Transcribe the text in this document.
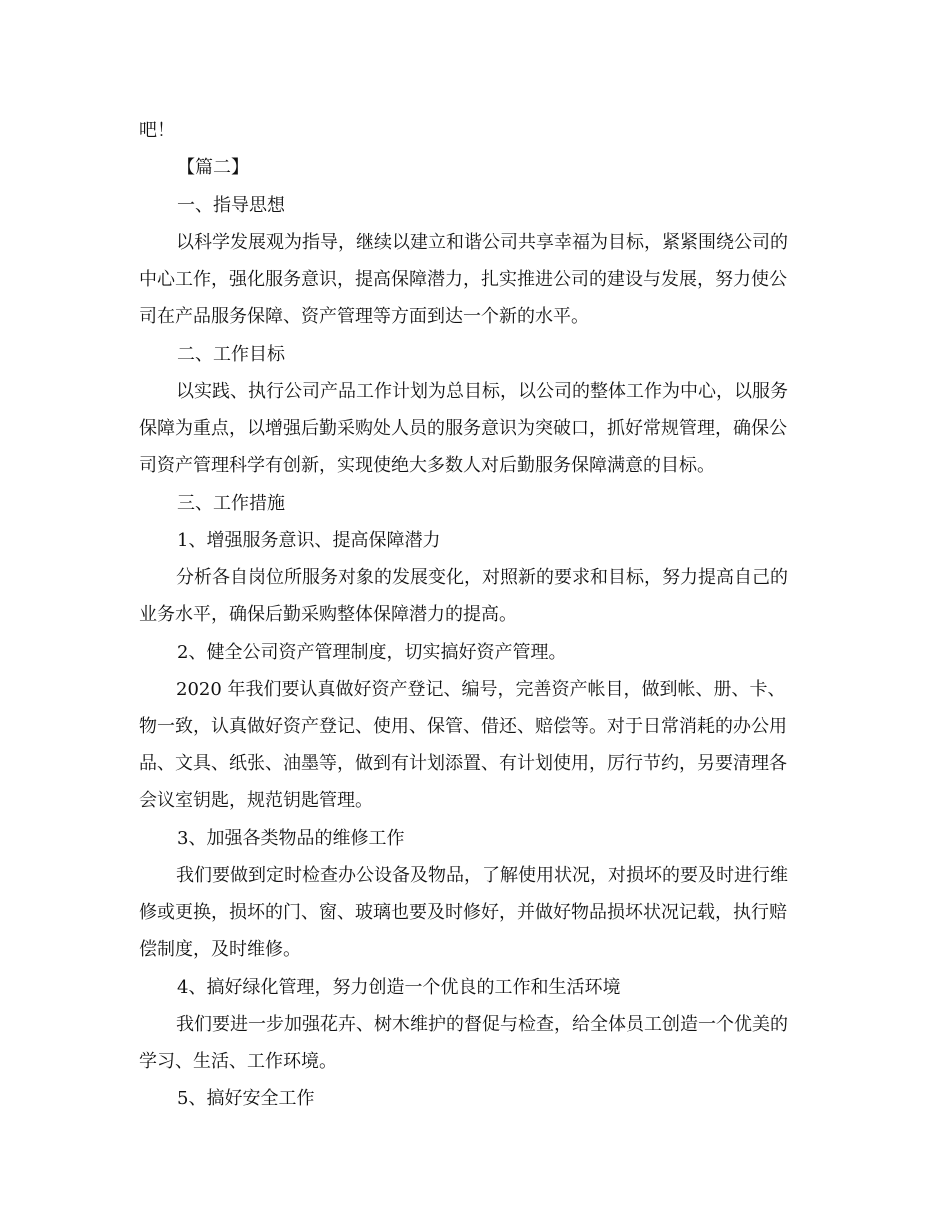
吧！
【篇二】
一、指导思想
以科学发展观为指导，继续以建立和谐公司共享幸福为目标，紧紧围绕公司的
中心工作，强化服务意识，提高保障潜力，扎实推进公司的建设与发展，努力使公
司在产品服务保障、资产管理等方面到达一个新的水平。
二、工作目标
以实践、执行公司产品工作计划为总目标，以公司的整体工作为中心，以服务
保障为重点，以增强后勤采购处人员的服务意识为突破口，抓好常规管理，确保公
司资产管理科学有创新，实现使绝大多数人对后勤服务保障满意的目标。
三、工作措施
1、增强服务意识、提高保障潜力
分析各自岗位所服务对象的发展变化，对照新的要求和目标，努力提高自己的
业务水平，确保后勤采购整体保障潜力的提高。
2、健全公司资产管理制度，切实搞好资产管理。
2020 年我们要认真做好资产登记、编号，完善资产帐目，做到帐、册、卡、
物一致，认真做好资产登记、使用、保管、借还、赔偿等。对于日常消耗的办公用
品、文具、纸张、油墨等，做到有计划添置、有计划使用，厉行节约，另要清理各
会议室钥匙，规范钥匙管理。
3、加强各类物品的维修工作
我们要做到定时检查办公设备及物品，了解使用状况，对损坏的要及时进行维
修或更换，损坏的门、窗、玻璃也要及时修好，并做好物品损坏状况记载，执行赔
偿制度，及时维修。
4、搞好绿化管理，努力创造一个优良的工作和生活环境
我们要进一步加强花卉、树木维护的督促与检查，给全体员工创造一个优美的
学习、生活、工作环境。
5、搞好安全工作
